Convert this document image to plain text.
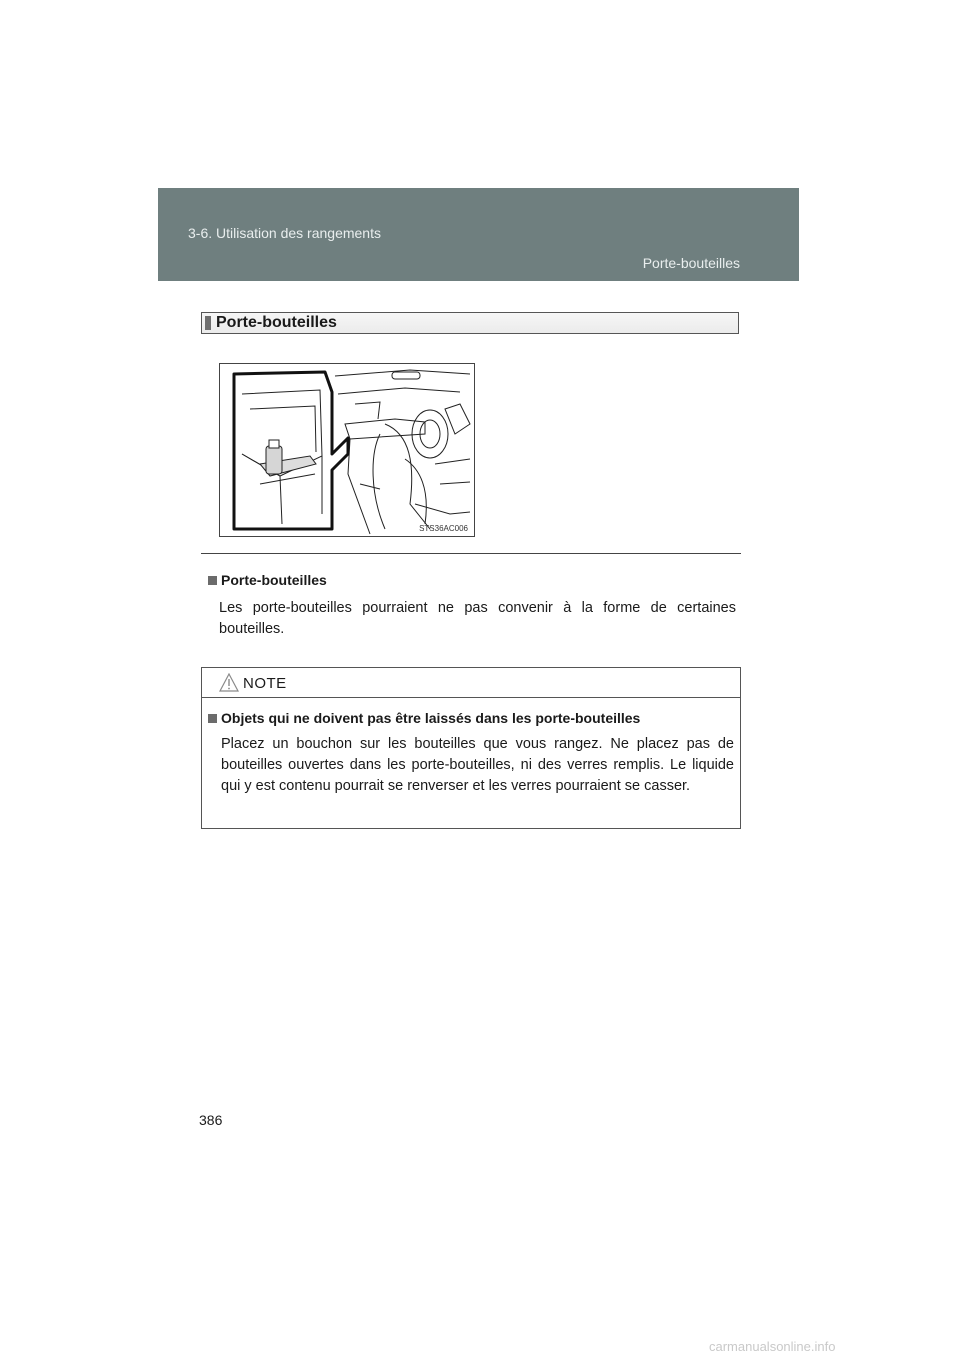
3-6. Utilisation des rangements
Porte-bouteilles
Porte-bouteilles
STS36AC006
Porte-bouteilles
Les porte-bouteilles pourraient ne pas convenir à la forme de certaines bouteilles.
NOTE
Objets qui ne doivent pas être laissés dans les porte-bouteilles
Placez un bouchon sur les bouteilles que vous rangez. Ne placez pas de bouteilles ouvertes dans les porte-bouteilles, ni des verres remplis. Le liquide qui y est contenu pourrait se renverser et les verres pourraient se casser.
386
carmanualsonline.info
